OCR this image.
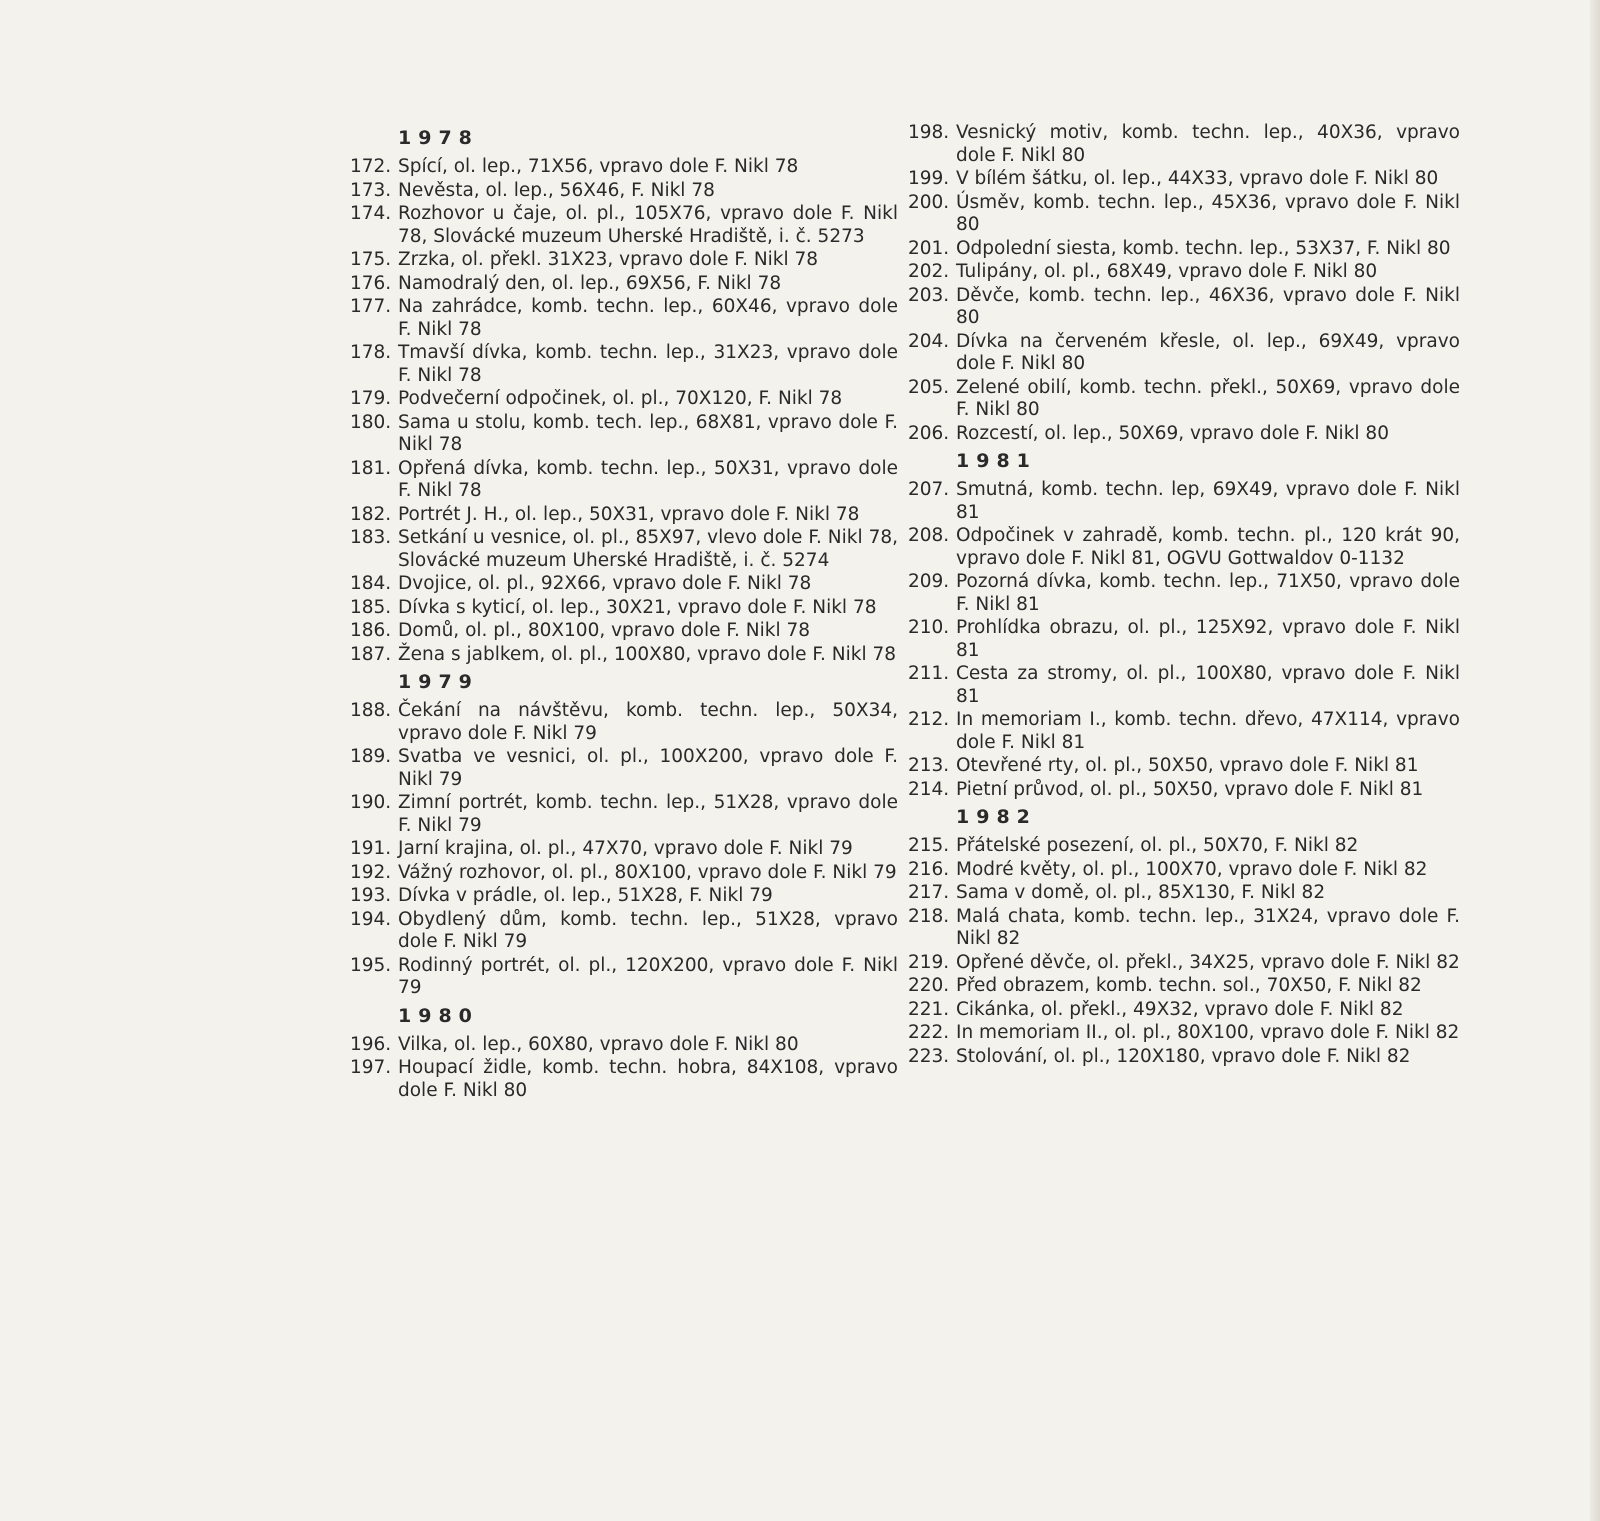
1978
172. Spící, ol. lep., 71X56, vpravo dole F. Nikl 78
173. Nevěsta, ol. lep., 56X46, F. Nikl 78
174. Rozhovor u čaje, ol. pl., 105X76, vpravo dole F. Nikl 78, Slovácké muzeum Uherské Hradiště, i. č. 5273
175. Zrzka, ol. překl. 31X23, vpravo dole F. Nikl 78
176. Namodralý den, ol. lep., 69X56, F. Nikl 78
177. Na zahrádce, komb. techn. lep., 60X46, vpravo dole F. Nikl 78
178. Tmavší dívka, komb. techn. lep., 31X23, vpravo dole F. Nikl 78
179. Podvečerní odpočinek, ol. pl., 70X120, F. Nikl 78
180. Sama u stolu, komb. tech. lep., 68X81, vpravo dole F. Nikl 78
181. Opřená dívka, komb. techn. lep., 50X31, vpravo dole F. Nikl 78
182. Portrét J. H., ol. lep., 50X31, vpravo dole F. Nikl 78
183. Setkání u vesnice, ol. pl., 85X97, vlevo dole F. Nikl 78, Slovácké muzeum Uherské Hradiště, i. č. 5274
184. Dvojice, ol. pl., 92X66, vpravo dole F. Nikl 78
185. Dívka s kyticí, ol. lep., 30X21, vpravo dole F. Nikl 78
186. Domů, ol. pl., 80X100, vpravo dole F. Nikl 78
187. Žena s jablkem, ol. pl., 100X80, vpravo dole F. Nikl 78
1979
188. Čekání na návštěvu, komb. techn. lep., 50X34, vpravo dole F. Nikl 79
189. Svatba ve vesnici, ol. pl., 100X200, vpravo dole F. Nikl 79
190. Zimní portrét, komb. techn. lep., 51X28, vpravo dole F. Nikl 79
191. Jarní krajina, ol. pl., 47X70, vpravo dole F. Nikl 79
192. Vážný rozhovor, ol. pl., 80X100, vpravo dole F. Nikl 79
193. Dívka v prádle, ol. lep., 51X28, F. Nikl 79
194. Obydlený dům, komb. techn. lep., 51X28, vpravo dole F. Nikl 79
195. Rodinný portrét, ol. pl., 120X200, vpravo dole F. Nikl 79
1980
196. Vilka, ol. lep., 60X80, vpravo dole F. Nikl 80
197. Houpací židle, komb. techn. hobra, 84X108, vpravo dole F. Nikl 80
198. Vesnický motiv, komb. techn. lep., 40X36, vpravo dole F. Nikl 80
199. V bílém šátku, ol. lep., 44X33, vpravo dole F. Nikl 80
200. Úsměv, komb. techn. lep., 45X36, vpravo dole F. Nikl 80
201. Odpolední siesta, komb. techn. lep., 53X37, F. Nikl 80
202. Tulipány, ol. pl., 68X49, vpravo dole F. Nikl 80
203. Děvče, komb. techn. lep., 46X36, vpravo dole F. Nikl 80
204. Dívka na červeném křesle, ol. lep., 69X49, vpravo dole F. Nikl 80
205. Zelené obilí, komb. techn. překl., 50X69, vpravo dole F. Nikl 80
206. Rozcestí, ol. lep., 50X69, vpravo dole F. Nikl 80
1981
207. Smutná, komb. techn. lep, 69X49, vpravo dole F. Nikl 81
208. Odpočinek v zahradě, komb. techn. pl., 120 krát 90, vpravo dole F. Nikl 81, OGVU Gottwaldov 0-1132
209. Pozorná dívka, komb. techn. lep., 71X50, vpravo dole F. Nikl 81
210. Prohlídka obrazu, ol. pl., 125X92, vpravo dole F. Nikl 81
211. Cesta za stromy, ol. pl., 100X80, vpravo dole F. Nikl 81
212. In memoriam I., komb. techn. dřevo, 47X114, vpravo dole F. Nikl 81
213. Otevřené rty, ol. pl., 50X50, vpravo dole F. Nikl 81
214. Pietní průvod, ol. pl., 50X50, vpravo dole F. Nikl 81
1982
215. Přátelské posezení, ol. pl., 50X70, F. Nikl 82
216. Modré květy, ol. pl., 100X70, vpravo dole F. Nikl 82
217. Sama v domě, ol. pl., 85X130, F. Nikl 82
218. Malá chata, komb. techn. lep., 31X24, vpravo dole F. Nikl 82
219. Opřené děvče, ol. překl., 34X25, vpravo dole F. Nikl 82
220. Před obrazem, komb. techn. sol., 70X50, F. Nikl 82
221. Cikánka, ol. překl., 49X32, vpravo dole F. Nikl 82
222. In memoriam II., ol. pl., 80X100, vpravo dole F. Nikl 82
223. Stolování, ol. pl., 120X180, vpravo dole F. Nikl 82
